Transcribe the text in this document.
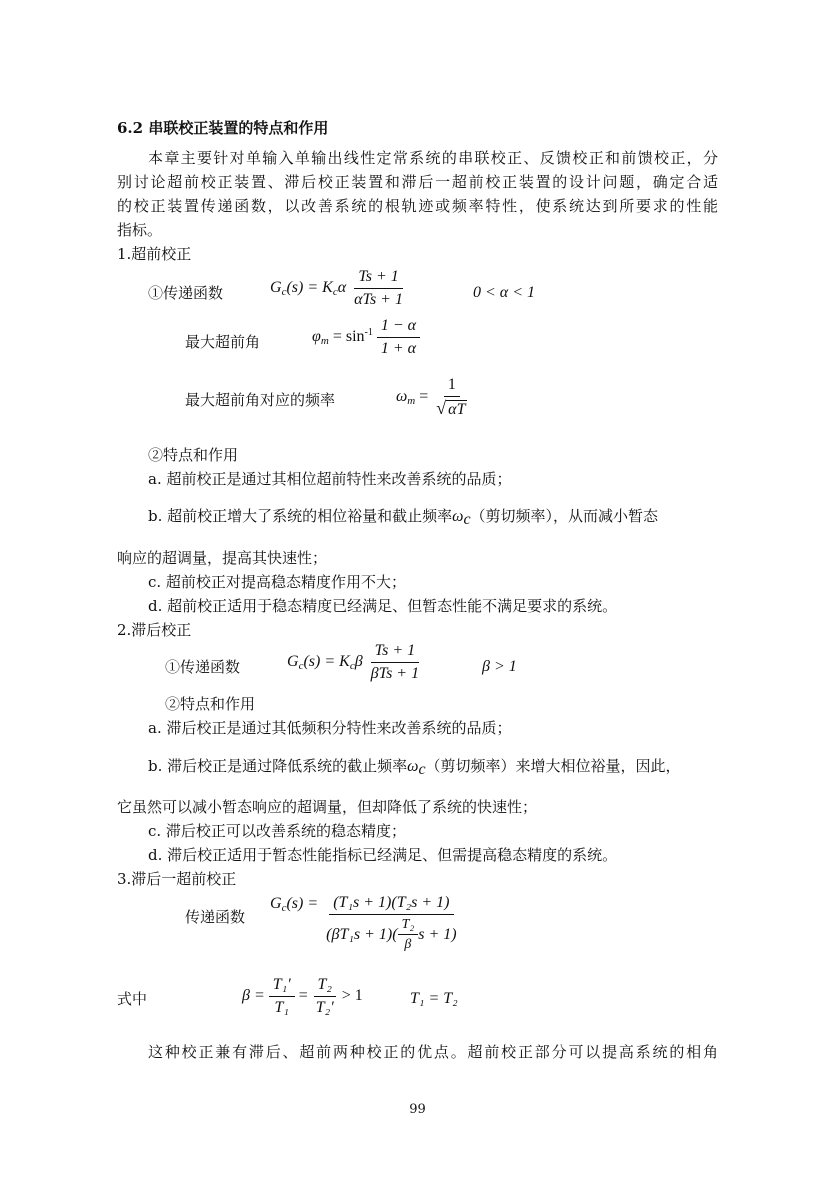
6.2 串联校正装置的特点和作用
本章主要针对单输入单输出线性定常系统的串联校正、反馈校正和前馈校正，分
别讨论超前校正装置、滞后校正装置和滞后一超前校正装置的设计问题，确定合适
的校正装置传递函数，以改善系统的根轨迹或频率特性，使系统达到所要求的性能
指标。
1.超前校正
①传递函数	$G_c(s) = K_c\alpha \frac{Ts + 1}{\text{αTs + 1}}$	0 < α < 1
最大超前角	$\varphi_m = \sin^{-1} \frac{1 - \alpha}{1 + \alpha}$
最大超前角对应的频率	$\omega_m = \frac{1}{√ \alpha T}$
②特点和作用
a. 超前校正是通过其相位超前特性来改善系统的品质；
b. 超前校正增大了系统的相位裕量和截止频率$\omega_c$（剪切频率），从而减小暂态
响应的超调量，提高其快速性；
c. 超前校正对提高稳态精度作用不大；
d. 超前校正适用于稳态精度已经满足、但暂态性能不满足要求的系统。
2.滞后校正
①传递函数	$G_c(s) = K_c\beta \frac{Ts + 1}{\text{βTs + 1}}$	β > 1
②特点和作用
a. 滞后校正是通过其低频积分特性来改善系统的品质；
b. 滞后校正是通过降低系统的截止频率$\omega_c$（剪切频率）来增大相位裕量，因此，
它虽然可以减小暂态响应的超调量，但却降低了系统的快速性；
c. 滞后校正可以改善系统的稳态精度；
d. 滞后校正适用于暂态性能指标已经满足、但需提高稳态精度的系统。
3.滞后一超前校正
传递函数
$G_c(s) = \frac{\text{(T₁s + 1)(T₂s + 1)}}{(\beta T_1s + 1)( \frac{\text{T₂}}{\beta} s + 1)}$
式中	$\beta = \frac{\text{T₁′}}{\text{T₁}} = \frac{\text{T₂}}{\text{T₂′}} > 1$	T₁ = T₂
这种校正兼有滞后、超前两种校正的优点。超前校正部分可以提高系统的相角
99
